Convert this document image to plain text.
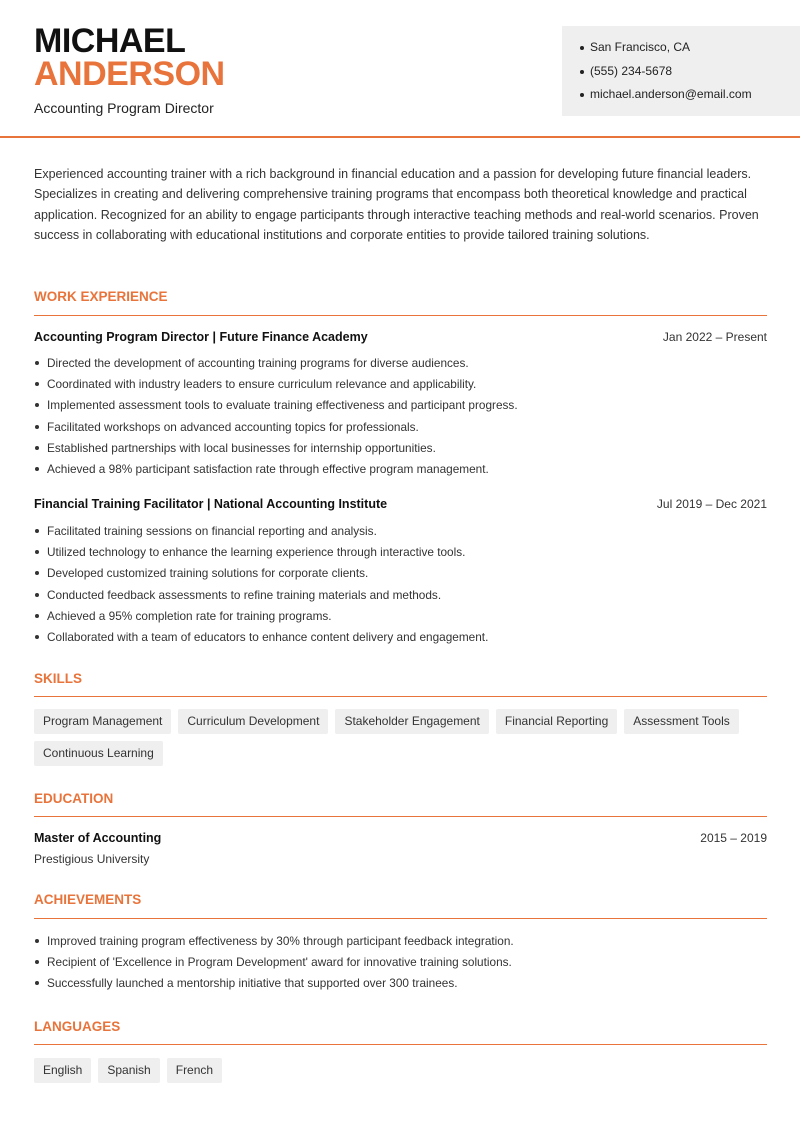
MICHAEL
ANDERSON
Accounting Program Director
San Francisco, CA
(555) 234-5678
michael.anderson@email.com

Experienced accounting trainer with a rich background in financial education and a passion for developing future financial leaders. Specializes in creating and delivering comprehensive training programs that encompass both theoretical knowledge and practical application. Recognized for an ability to engage participants through interactive teaching methods and real-world scenarios. Proven success in collaborating with educational institutions and corporate entities to provide tailored training solutions.

WORK EXPERIENCE
Accounting Program Director | Future Finance Academy	Jan 2022 – Present
Directed the development of accounting training programs for diverse audiences.
Coordinated with industry leaders to ensure curriculum relevance and applicability.
Implemented assessment tools to evaluate training effectiveness and participant progress.
Facilitated workshops on advanced accounting topics for professionals.
Established partnerships with local businesses for internship opportunities.
Achieved a 98% participant satisfaction rate through effective program management.
Financial Training Facilitator | National Accounting Institute	Jul 2019 – Dec 2021
Facilitated training sessions on financial reporting and analysis.
Utilized technology to enhance the learning experience through interactive tools.
Developed customized training solutions for corporate clients.
Conducted feedback assessments to refine training materials and methods.
Achieved a 95% completion rate for training programs.
Collaborated with a team of educators to enhance content delivery and engagement.
SKILLS
Program Management	Curriculum Development	Stakeholder Engagement	Financial Reporting	Assessment Tools
Continuous Learning
EDUCATION
Master of Accounting	2015 – 2019
Prestigious University
ACHIEVEMENTS
Improved training program effectiveness by 30% through participant feedback integration.
Recipient of 'Excellence in Program Development' award for innovative training solutions.
Successfully launched a mentorship initiative that supported over 300 trainees.
LANGUAGES
English	Spanish	French
